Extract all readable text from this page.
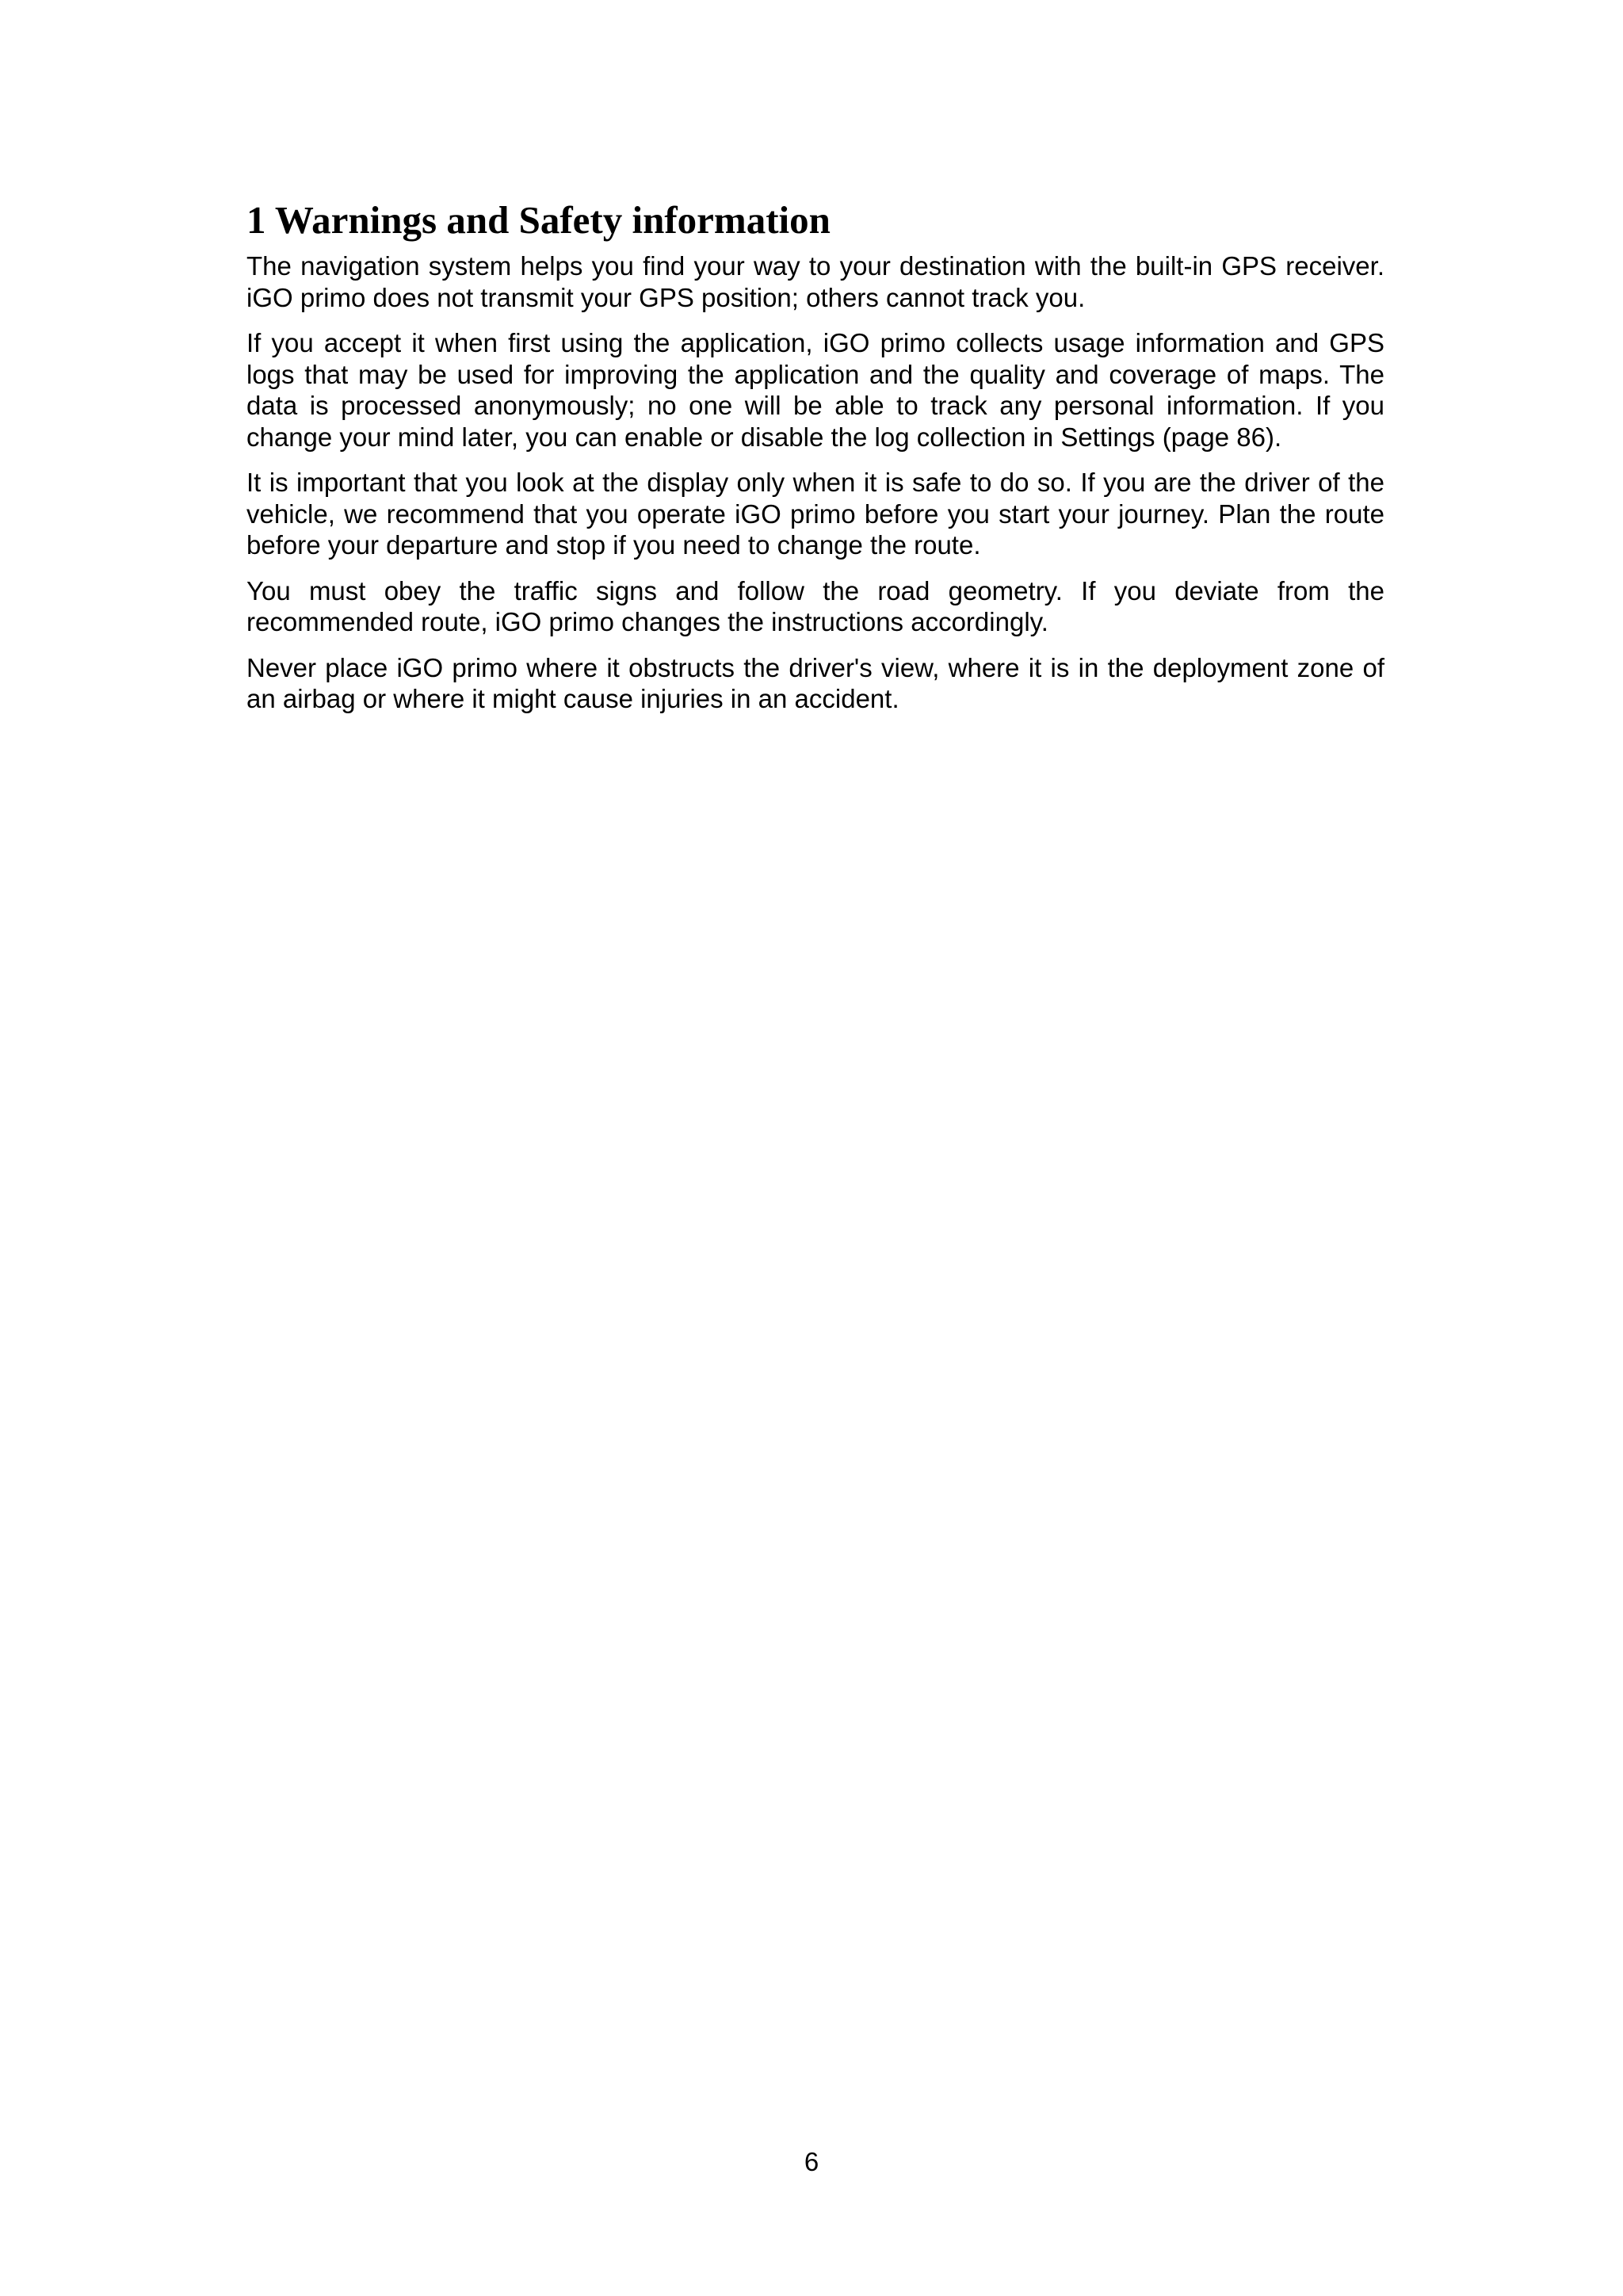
1 Warnings and Safety information

The navigation system helps you find your way to your destination with the built-in GPS receiver. iGO primo does not transmit your GPS position; others cannot track you.

If you accept it when first using the application, iGO primo collects usage information and GPS logs that may be used for improving the application and the quality and coverage of maps. The data is processed anonymously; no one will be able to track any personal information. If you change your mind later, you can enable or disable the log collection in Settings (page 86).

It is important that you look at the display only when it is safe to do so. If you are the driver of the vehicle, we recommend that you operate iGO primo before you start your journey. Plan the route before your departure and stop if you need to change the route.

You must obey the traffic signs and follow the road geometry. If you deviate from the recommended route, iGO primo changes the instructions accordingly.

Never place iGO primo where it obstructs the driver's view, where it is in the deployment zone of an airbag or where it might cause injuries in an accident.

6
